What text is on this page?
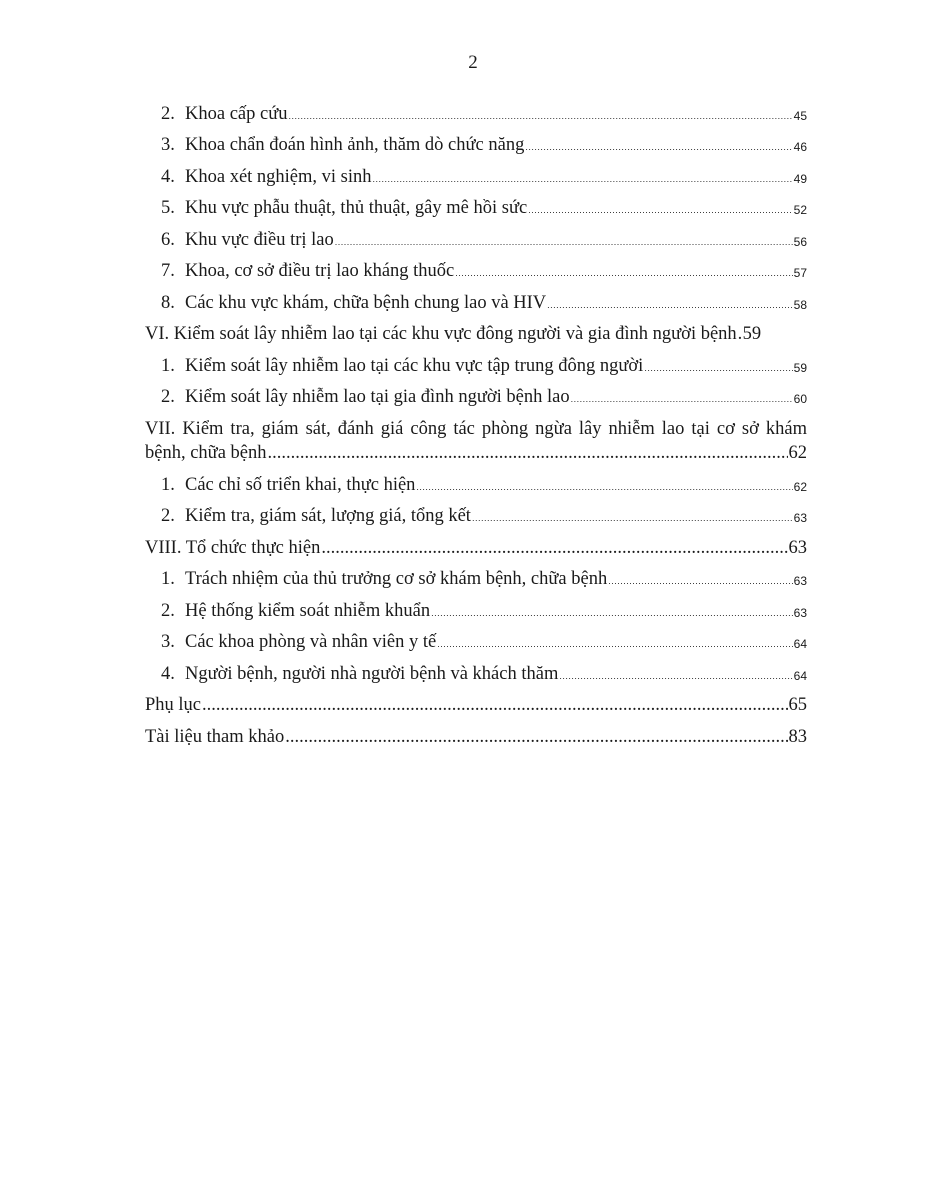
2
2. Khoa cấp cứu .....	45
3. Khoa chẩn đoán hình ảnh, thăm dò chức năng .....	46
4. Khoa xét nghiệm, vi sinh .....	49
5. Khu vực phẫu thuật, thủ thuật, gây mê hồi sức .....	52
6. Khu vực điều trị lao .....	56
7. Khoa, cơ sở điều trị lao kháng thuốc .....	57
8. Các khu vực khám, chữa bệnh chung lao và HIV .....	58
VI. Kiểm soát lây nhiễm lao tại các khu vực đông người và gia đình người bệnh ..... 59
1. Kiểm soát lây nhiễm lao tại các khu vực tập trung đông người .....	59
2. Kiểm soát lây nhiễm lao tại gia đình người bệnh lao .....	60
VII. Kiểm tra, giám sát, đánh giá công tác phòng ngừa lây nhiễm lao tại cơ sở khám
bệnh, chữa bệnh .....	62
1. Các chỉ số triển khai, thực hiện .....	62
2. Kiểm tra, giám sát, lượng giá, tổng kết .....	63
VIII. Tổ chức thực hiện .....	63
1. Trách nhiệm của thủ trưởng cơ sở khám bệnh, chữa bệnh .....	63
2. Hệ thống kiểm soát nhiễm khuẩn .....	63
3. Các khoa phòng và nhân viên y tế .....	64
4. Người bệnh, người nhà người bệnh và khách thăm .....	64
Phụ lục .....	65
Tài liệu tham khảo .....	83
